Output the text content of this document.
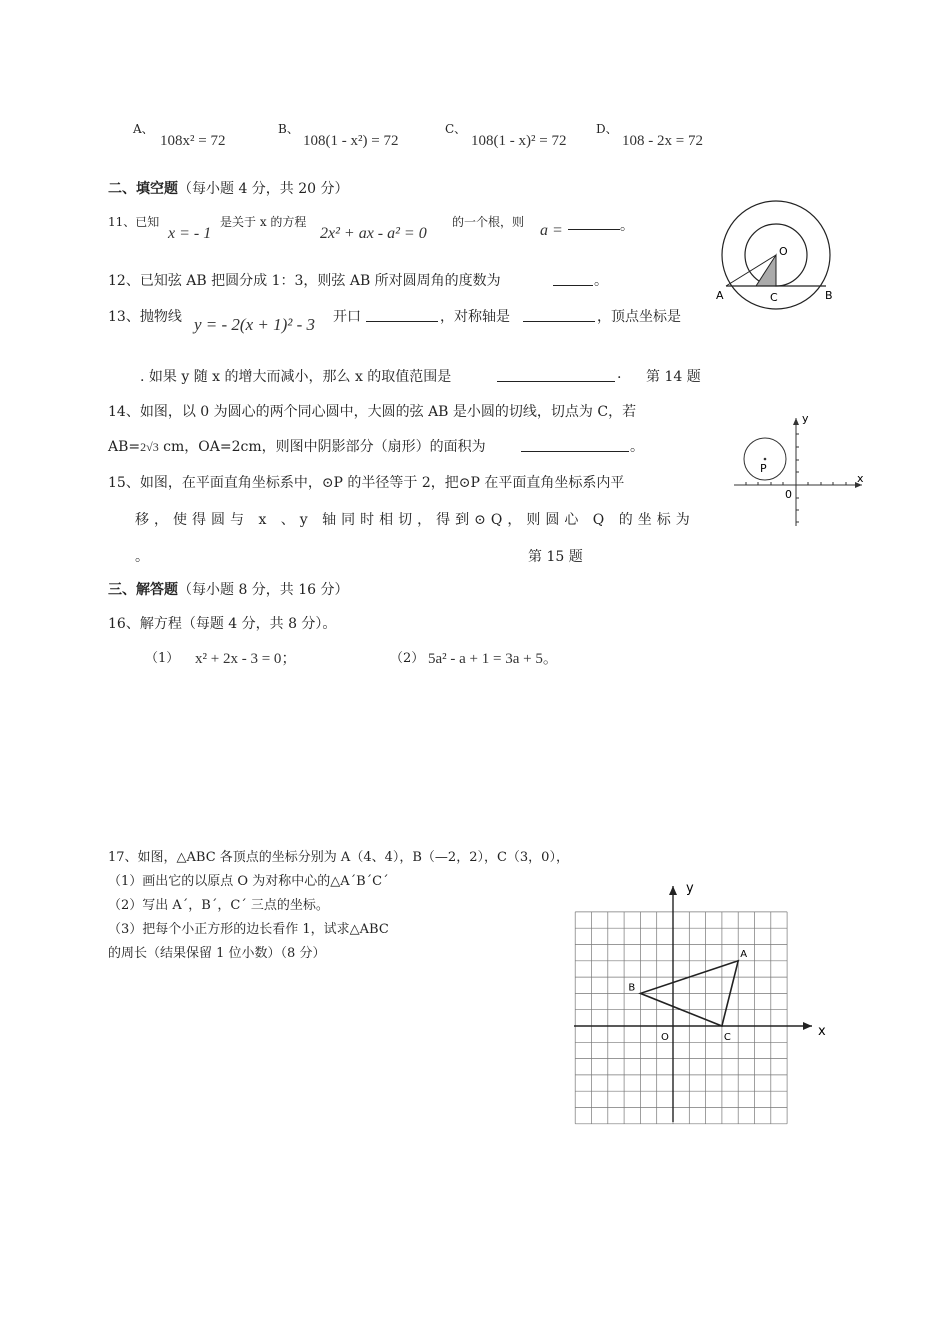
A、
108x² = 72
B、
108(1 - x²) = 72
C、
108(1 - x)² = 72
D、
108 - 2x = 72
二、填空题（每小题 4 分，共 20 分）
11、已知
x = - 1
是关于 x 的方程
2x² + ax - a² = 0
的一个根，则 a =	。
12、已知弦 AB 把圆分成 1：3，则弦 AB 所对圆周角的度数为	。
13、抛物线 y = - 2(x + 1)² - 3 开口	，对称轴是	，顶点坐标是
. 如果 y 随 x 的增大而减小，那么 x 的取值范围是	. 第 14 题
14、如图，以 0 为圆心的两个同心圆中，大圆的弦 AB 是小圆的切线，切点为 C，若
AB=2√3 cm，OA=2cm，则图中阴影部分（扇形）的面积为	。
15、如图，在平面直角坐标系中，⊙P 的半径等于 2，把⊙P 在平面直角坐标系内平
移，使得圆与 x 、y 轴同时相切，得到⊙Q，则圆心 Q 的坐标为
。	第 15 题
三、解答题（每小题 8 分，共 16 分）
16、解方程（每题 4 分，共 8 分）。
（1） x² + 2x - 3 = 0；	（2） 5a² - a + 1 = 3a + 5。
17、如图，△ABC 各顶点的坐标分别为 A（4、4），B（—2，2），C（3，0），
（1）画出它的以原点 O 为对称中心的△A´B´C´
（2）写出 A´，B´，C´ 三点的坐标。
（3）把每个小正方形的边长看作 1，试求△ABC
的周长（结果保留 1 位小数）（8 分）
O
A	C	B
P
y
x
0
A
B
C
O
y
x
